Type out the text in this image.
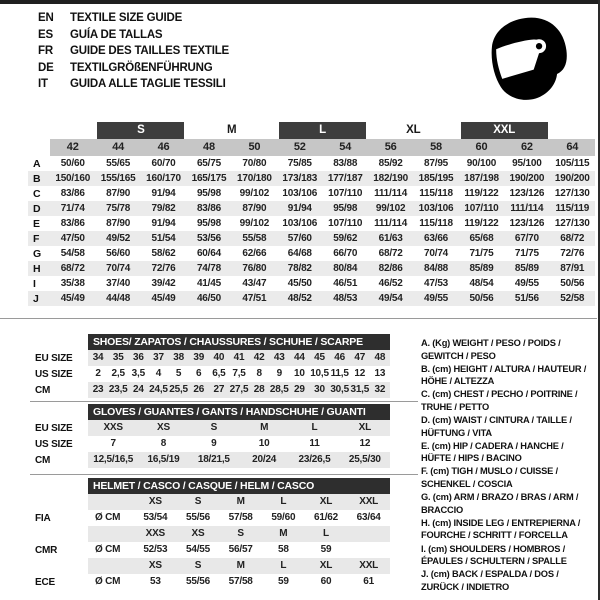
EN	TEXTILE SIZE GUIDE
ES	GUÍA DE TALLAS
FR	GUIDE DES TAILLES TEXTILE
DE	TEXTILGRÖßENFÜHRUNG
IT	GUIDA ALLE TAGLIE TESSILI
S	M	L	XL	XXL
42	44	46	48	50	52	54	56	58	60	62	64
A	50/60	55/65	60/70	65/75	70/80	75/85	83/88	85/92	87/95	90/100	95/100	105/115
B	150/160	155/165	160/170	165/175	170/180	173/183	177/187	182/190	185/195	187/198	190/200	190/200
C	83/86	87/90	91/94	95/98	99/102	103/106	107/110	111/114	115/118	119/122	123/126	127/130
D	71/74	75/78	79/82	83/86	87/90	91/94	95/98	99/102	103/106	107/110	111/114	115/119
E	83/86	87/90	91/94	95/98	99/102	103/106	107/110	111/114	115/118	119/122	123/126	127/130
F	47/50	49/52	51/54	53/56	55/58	57/60	59/62	61/63	63/66	65/68	67/70	68/72
G	54/58	56/60	58/62	60/64	62/66	64/68	66/70	68/72	70/74	71/75	71/75	72/76
H	68/72	70/74	72/76	74/78	76/80	78/82	80/84	82/86	84/88	85/89	85/89	87/91
I	35/38	37/40	39/42	41/45	43/47	45/50	46/51	46/52	47/53	48/54	49/55	50/56
J	45/49	44/48	45/49	46/50	47/51	48/52	48/53	49/54	49/55	50/56	51/56	52/58
SHOES/ ZAPATOS / CHAUSSURES / SCHUHE / SCARPE
EU SIZE	34 35 36 37 38 39 40 41 42 43 44 45 46 47 48
US SIZE	2	2,5 3,5	4	5	6	6,5 7,5	8	9	10 10,5 11,5 12 13
CM	23 23,5 24 24,5 25,5 26 27 27,5 28 28,5 29 30 30,5 31,5 32
GLOVES / GUANTES / GANTS / HANDSCHUHE / GUANTI
EU SIZE	XXS	XS	S	M	L	XL
US SIZE	7	8	9	10	11	12
CM	12,5/16,5	16,5/19	18/21,5	20/24	23/26,5	25,5/30
HELMET / CASCO / CASQUE / HELM / CASCO
XS	S	M	L	XL	XXL
FIA	Ø CM	53/54	55/56	57/58	59/60	61/62	63/64
XXS	XS	S	M	L
CMR	Ø CM	52/53	54/55	56/57	58	59
XS	S	M	L	XL	XXL
ECE	Ø CM	53	55/56	57/58	59	60	61
A. (Kg) WEIGHT / PESO / POIDS / GEWITCH / PESO
B. (cm) HEIGHT / ALTURA / HAUTEUR / HÖHE / ALTEZZA
C. (cm) CHEST / PECHO / POITRINE / TRUHE / PETTO
D. (cm) WAIST / CINTURA / TAILLE / HÜFTUNG / VITA
E. (cm) HIP / CADERA / HANCHE / HÜFTE / HIPS / BACINO
F. (cm) TIGH / MUSLO / CUISSE / SCHENKEL / COSCIA
G. (cm) ARM / BRAZO / BRAS / ARM / BRACCIO
H. (cm) INSIDE LEG / ENTREPIERNA / FOURCHE / SCHRITT / FORCELLA
I. (cm) SHOULDERS / HOMBROS / ÉPAULES / SCHULTERN / SPALLE
J. (cm) BACK / ESPALDA / DOS / ZURÜCK / INDIETRO
